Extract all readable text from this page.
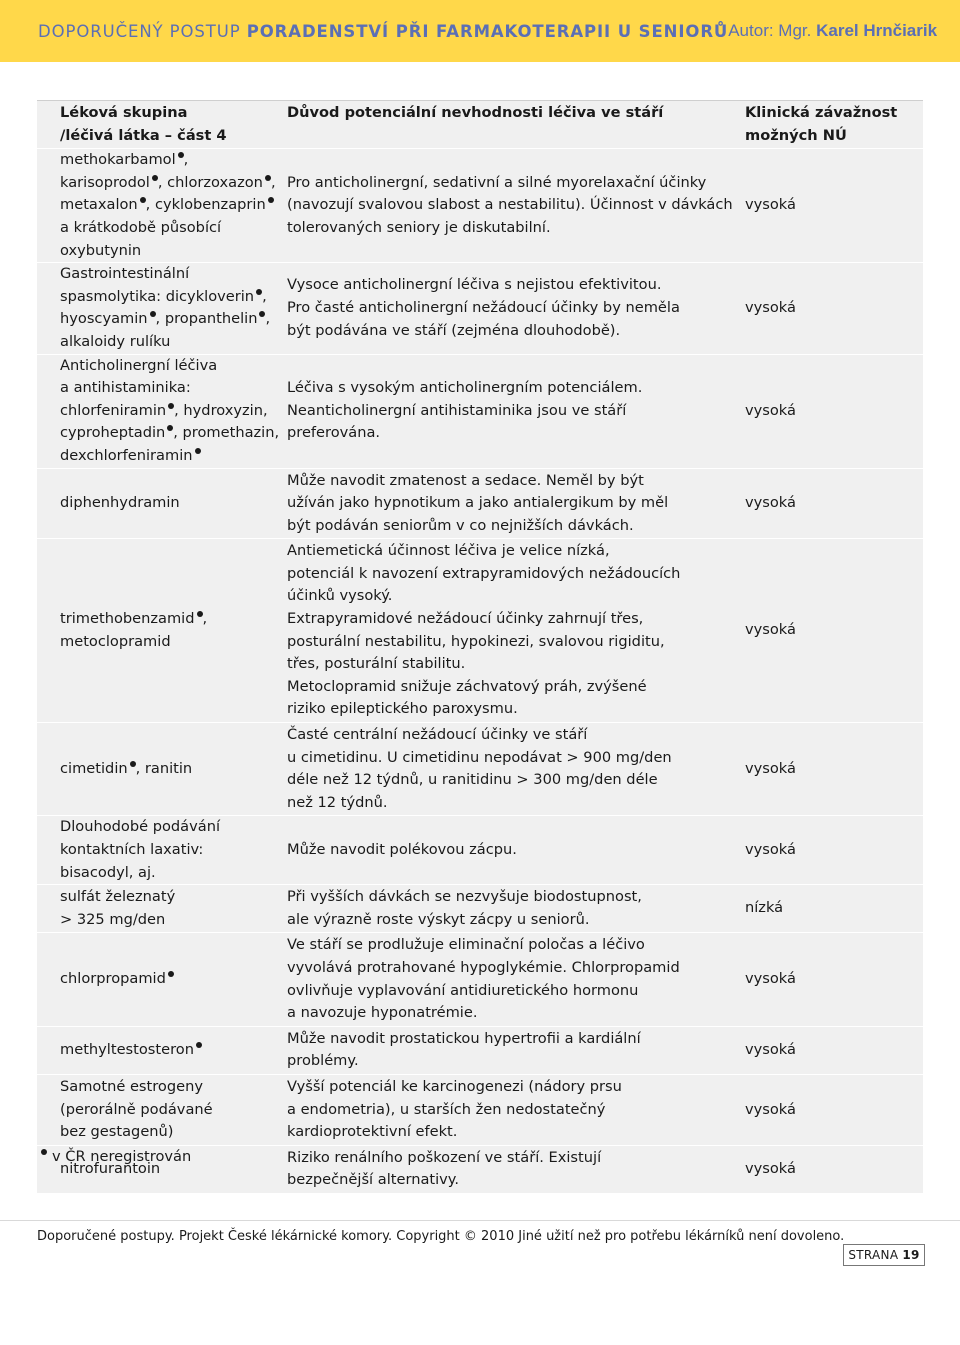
DOPORUČENÝ POSTUP PORADENSTVÍ PŘI FARMAKOTERAPII U SENIORŮ Autor: Mgr. Karel Hrnčiarik
Léková skupina
/léčivá látka – část 4
Důvod potenciální nevhodnosti léčiva ve stáří	Klinická závažnost
možných NÚ
methokarbamol ,
karisoprodol , chlorzoxazon ,
metaxalon , cyklobenzaprin
a krátkodobě působící
oxybutynin
Pro anticholinergní, sedativní a silné myorelaxační účinky
(navozují svalovou slabost a nestabilitu). Účinnost v dávkách
tolerovaných seniory je diskutabilní.
vysoká
Gastrointestinální
spasmolytika: dicykloverin ,
hyoscyamin , propanthelin ,
alkaloidy rulíku
Vysoce anticholinergní léčiva s nejistou efektivitou.
Pro časté anticholinergní nežádoucí účinky by neměla
být podávána ve stáří (zejména dlouhodobě).
vysoká
Anticholinergní léčiva
a antihistaminika:
chlorfeniramin , hydroxyzin,
cyproheptadin , promethazin,
dexchlorfeniramin
Léčiva s vysokým anticholinergním potenciálem.
Neanticholinergní antihistaminika jsou ve stáří
preferována.
vysoká
diphenhydramin
Může navodit zmatenost a sedace. Neměl by být
užíván jako hypnotikum a jako antialergikum by měl
být podáván seniorům v co nejnižších dávkách.
vysoká
trimethobenzamid ,
metoclopramid
Antiemetická účinnost léčiva je velice nízká,
potenciál k navození extrapyramidových nežádoucích
účinků vysoký.
Extrapyramidové nežádoucí účinky zahrnují třes,
posturální nestabilitu, hypokinezi, svalovou rigiditu,
třes, posturální stabilitu.
Metoclopramid snižuje záchvatový práh, zvýšené
riziko epileptického paroxysmu.
vysoká
cimetidin , ranitin
Časté centrální nežádoucí účinky ve stáří
u cimetidinu. U cimetidinu nepodávat > 900 mg/den
déle než 12 týdnů, u ranitidinu > 300 mg/den déle
než 12 týdnů.
vysoká
Dlouhodobé podávání
kontaktních laxativ:
bisacodyl, aj.
Může navodit polékovou zácpu.	vysoká
sulfát železnatý
> 325 mg/den
Při vyšších dávkách se nezvyšuje biodostupnost,
ale výrazně roste výskyt zácpy u seniorů.
nízká
chlorpropamid
Ve stáří se prodlužuje eliminační poločas a léčivo
vyvolává protrahované hypoglykémie. Chlorpropamid
ovlivňuje vyplavování antidiuretického hormonu
a navozuje hyponatrémie.
vysoká
methyltestosteron
Může navodit prostatickou hypertrofii a kardiální
problémy.
vysoká
Samotné estrogeny
(perorálně podávané
bez gestagenů)
Vyšší potenciál ke karcinogenezi (nádory prsu
a endometria), u starších žen nedostatečný
kardioprotektivní efekt.
vysoká
nitrofurantoin
Riziko renálního poškození ve stáří. Existují
bezpečnější alternativy.
vysoká
v ČR neregistrován
Doporučené postupy. Projekt České lékárnické komory. Copyright © 2010 Jiné užití než pro potřebu lékárníků není dovoleno.
STRANA 19
